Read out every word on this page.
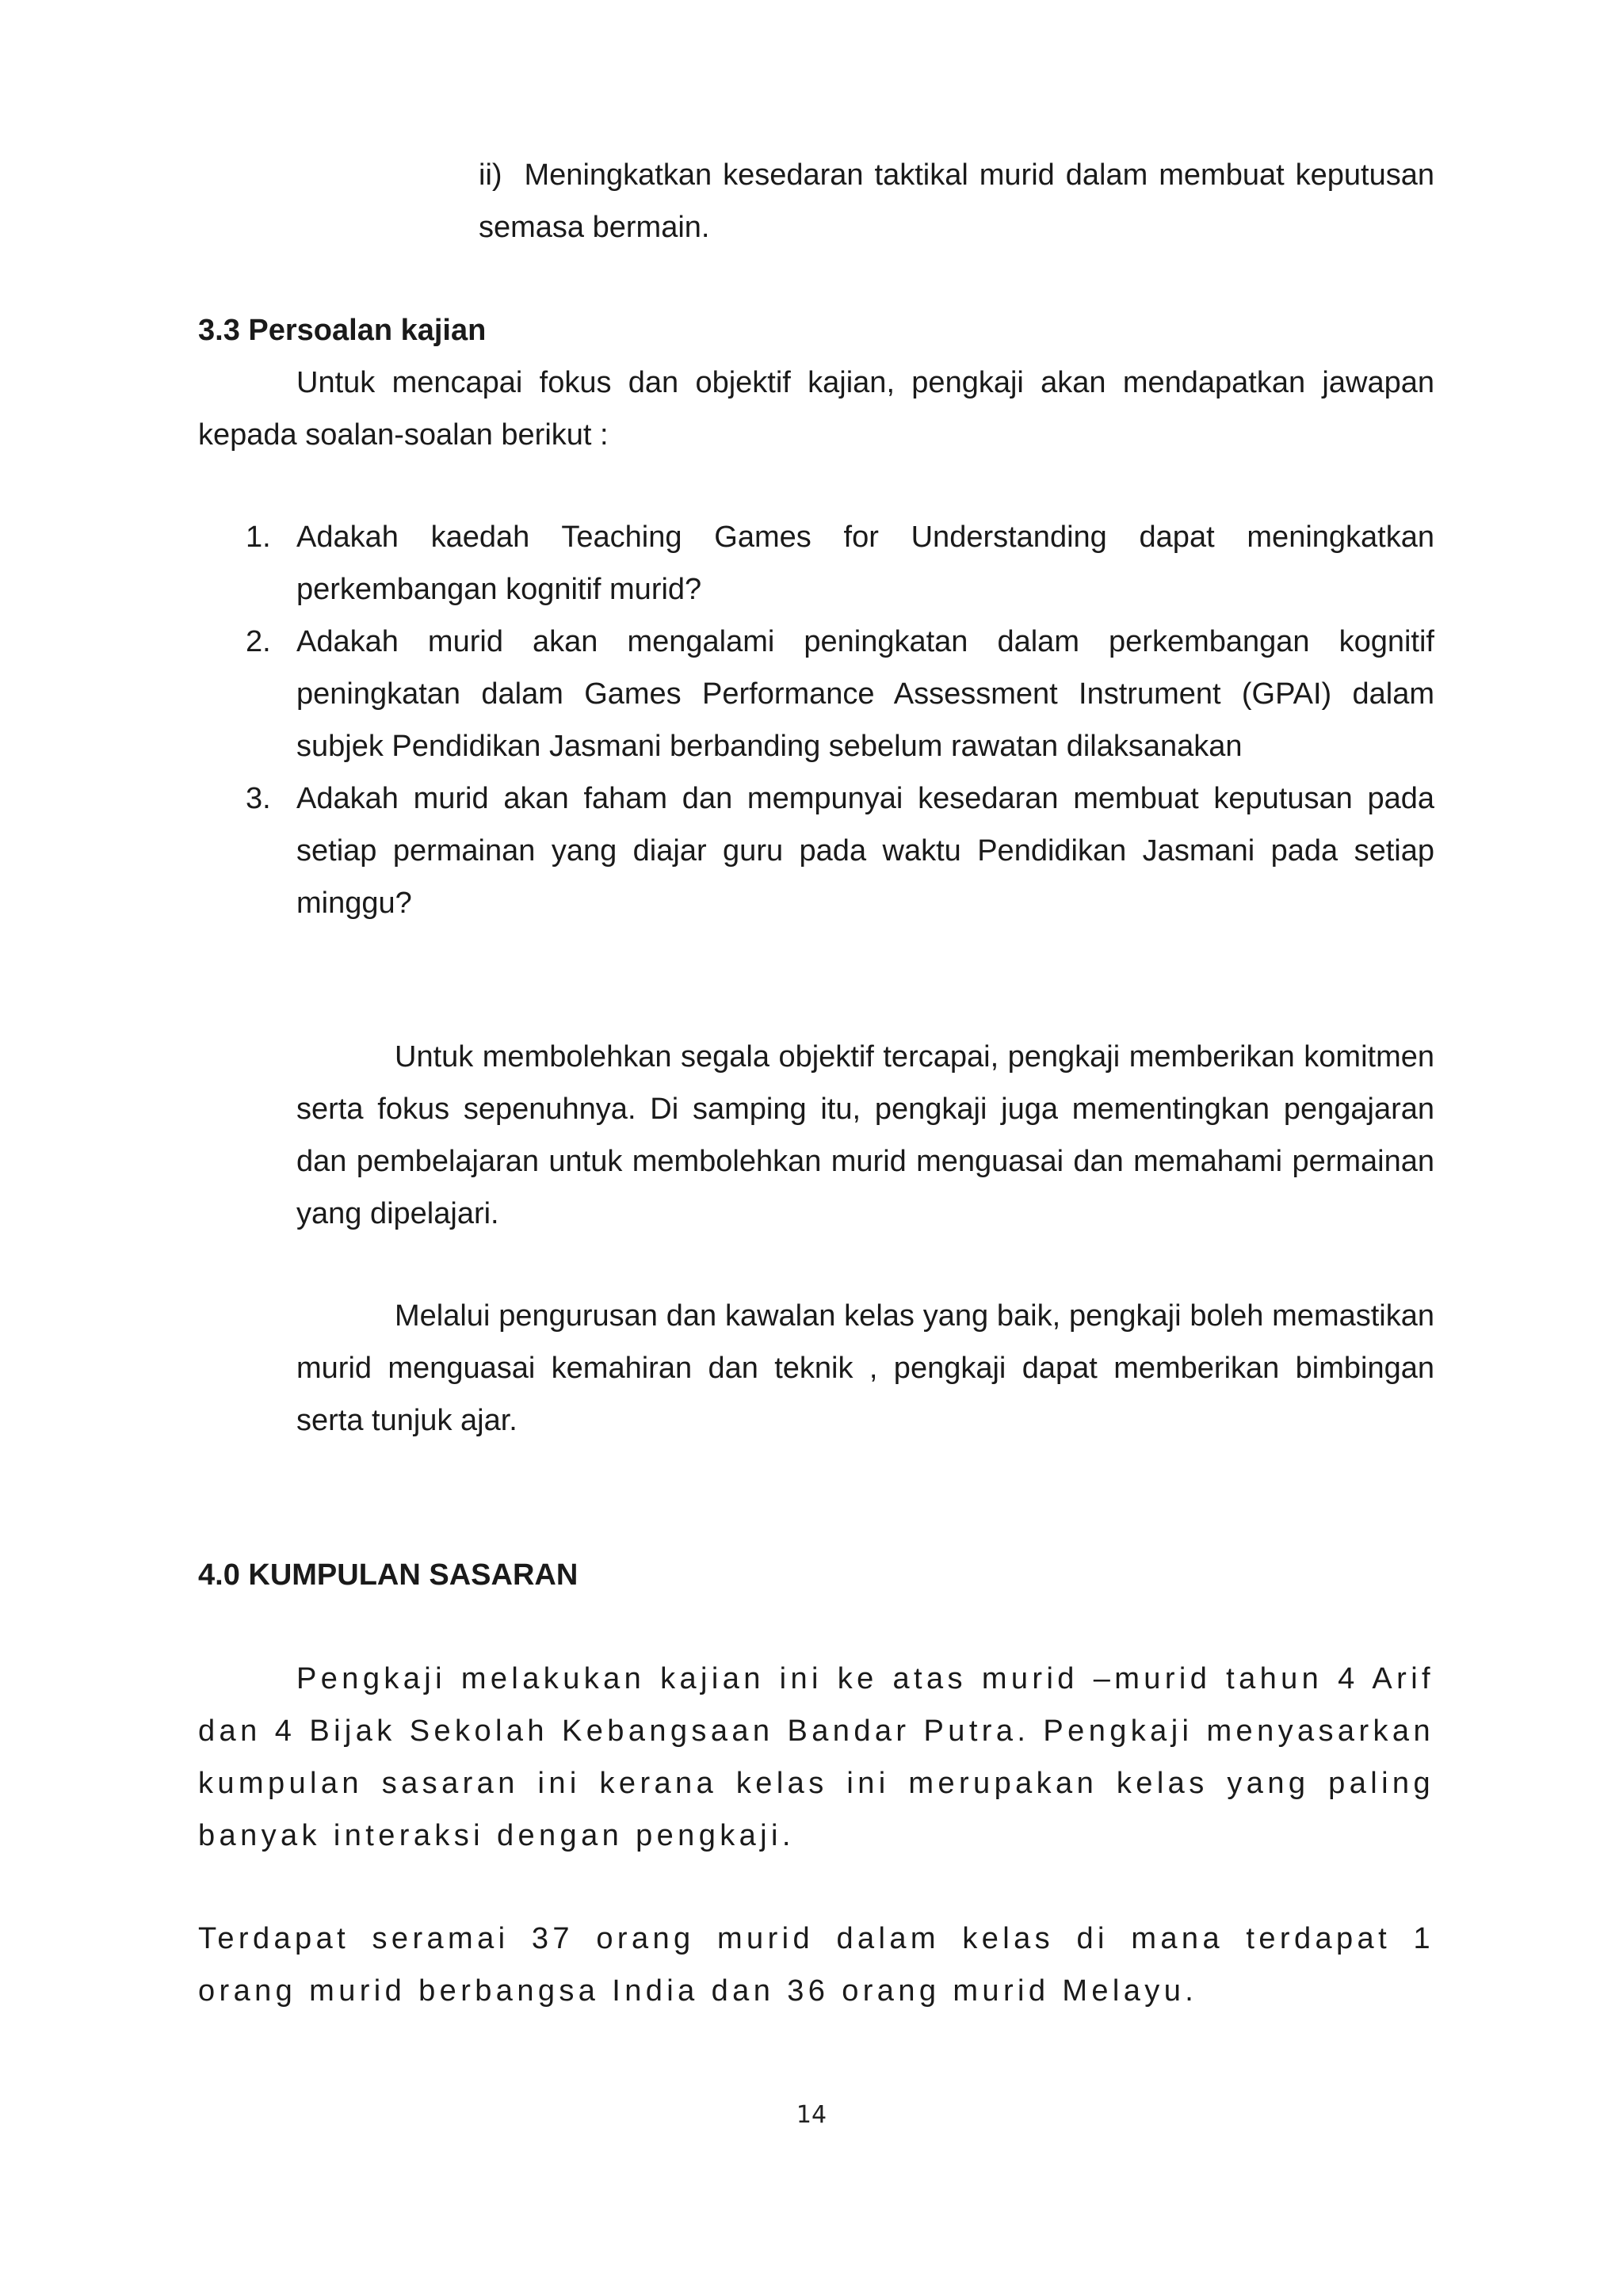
ii) Meningkatkan kesedaran taktikal murid dalam membuat keputusan semasa bermain.

3.3 Persoalan kajian

Untuk mencapai fokus dan objektif kajian, pengkaji akan mendapatkan jawapan kepada soalan-soalan berikut :

1. Adakah kaedah Teaching Games for Understanding dapat meningkatkan perkembangan kognitif murid?
2. Adakah murid akan mengalami peningkatan dalam perkembangan kognitif peningkatan dalam Games Performance Assessment Instrument (GPAI) dalam subjek Pendidikan Jasmani berbanding sebelum rawatan dilaksanakan
3. Adakah murid akan faham dan mempunyai kesedaran membuat keputusan pada setiap permainan yang diajar guru pada waktu Pendidikan Jasmani pada setiap minggu?

Untuk membolehkan segala objektif tercapai, pengkaji memberikan komitmen serta fokus sepenuhnya. Di samping itu, pengkaji juga mementingkan pengajaran dan pembelajaran untuk membolehkan murid menguasai dan memahami permainan yang dipelajari.

Melalui pengurusan dan kawalan kelas yang baik, pengkaji boleh memastikan murid menguasai kemahiran dan teknik , pengkaji dapat memberikan bimbingan serta tunjuk ajar.

4.0 KUMPULAN SASARAN

Pengkaji melakukan kajian ini ke atas murid –murid tahun 4 Arif dan 4 Bijak Sekolah Kebangsaan Bandar Putra. Pengkaji menyasarkan kumpulan sasaran ini kerana kelas ini merupakan kelas yang paling banyak interaksi dengan pengkaji.

Terdapat seramai 37 orang murid dalam kelas di mana terdapat 1 orang murid berbangsa India dan 36 orang murid Melayu.

14
